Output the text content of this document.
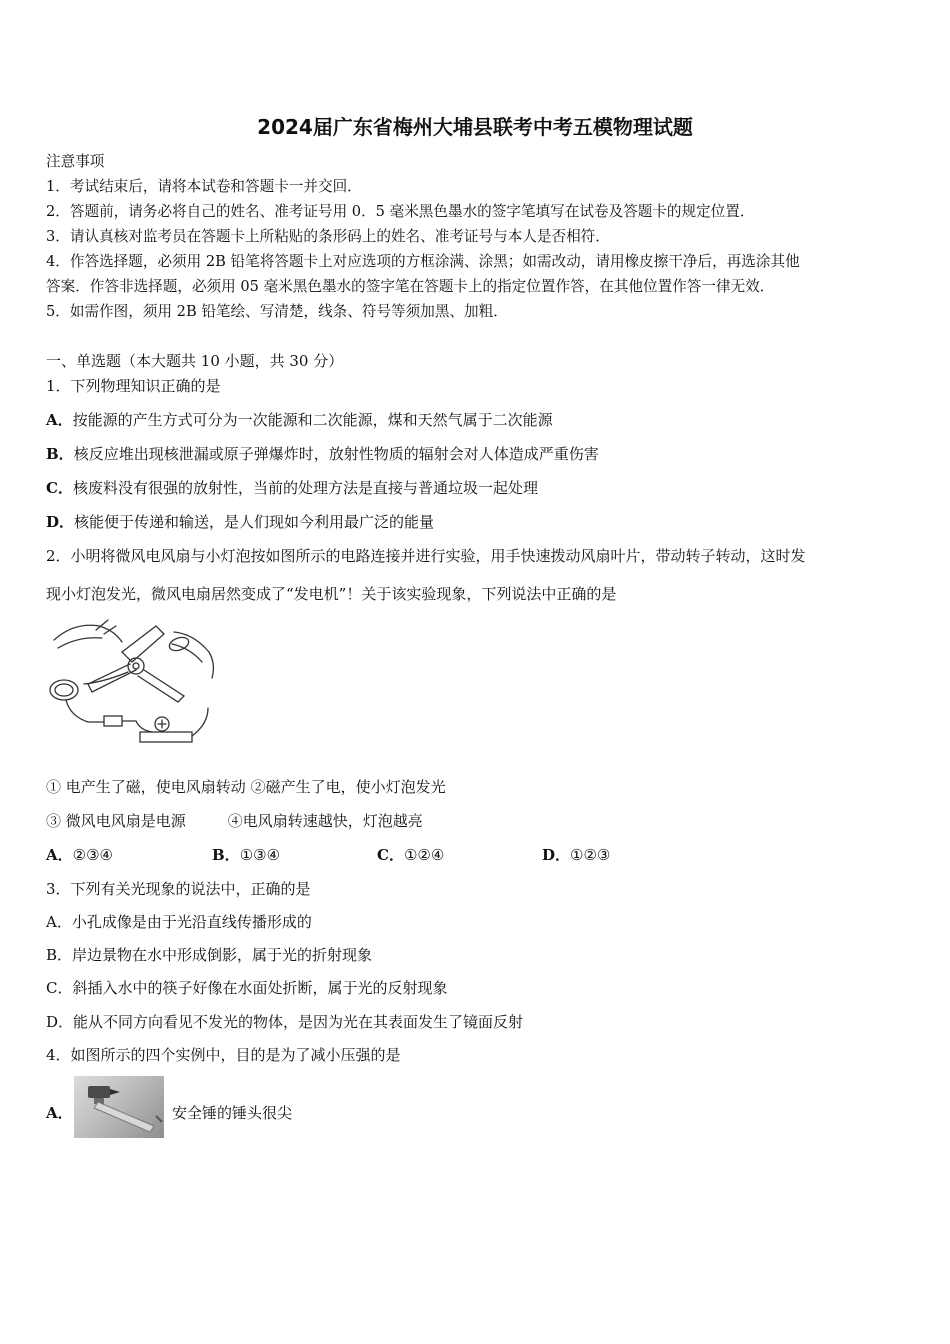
2024届广东省梅州大埔县联考中考五模物理试题
注意事项
1．考试结束后，请将本试卷和答题卡一并交回．
2．答题前，请务必将自己的姓名、准考证号用 0．5 毫米黑色墨水的签字笔填写在试卷及答题卡的规定位置．
3．请认真核对监考员在答题卡上所粘贴的条形码上的姓名、准考证号与本人是否相符．
4．作答选择题，必须用 2B 铅笔将答题卡上对应选项的方框涂满、涂黑；如需改动，请用橡皮擦干净后，再选涂其他
答案．作答非选择题，必须用 05 毫米黑色墨水的签字笔在答题卡上的指定位置作答，在其他位置作答一律无效．
5．如需作图，须用 2B 铅笔绘、写清楚，线条、符号等须加黑、加粗．
一、单选题（本大题共 10 小题，共 30 分）
1．下列物理知识正确的是
A．按能源的产生方式可分为一次能源和二次能源，煤和天然气属于二次能源
B．核反应堆出现核泄漏或原子弹爆炸时，放射性物质的辐射会对人体造成严重伤害
C．核废料没有很强的放射性，当前的处理方法是直接与普通垃圾一起处理
D．核能便于传递和输送，是人们现如今利用最广泛的能量
2．小明将微风电风扇与小灯泡按如图所示的电路连接并进行实验，用手快速拨动风扇叶片，带动转子转动，这时发
现小灯泡发光，微风电扇居然变成了“发电机”！关于该实验现象，下列说法中正确的是
① 电产生了磁，使电风扇转动 ②磁产生了电，使小灯泡发光
③ 微风电风扇是电源	④电风扇转速越快，灯泡越亮
A．②③④	B．①③④	C．①②④	D．①②③
3．下列有关光现象的说法中，正确的是
A．小孔成像是由于光沿直线传播形成的
B．岸边景物在水中形成倒影，属于光的折射现象
C．斜插入水中的筷子好像在水面处折断，属于光的反射现象
D．能从不同方向看见不发光的物体，是因为光在其表面发生了镜面反射
4．如图所示的四个实例中，目的是为了减小压强的是
A．	安全锤的锤头很尖
